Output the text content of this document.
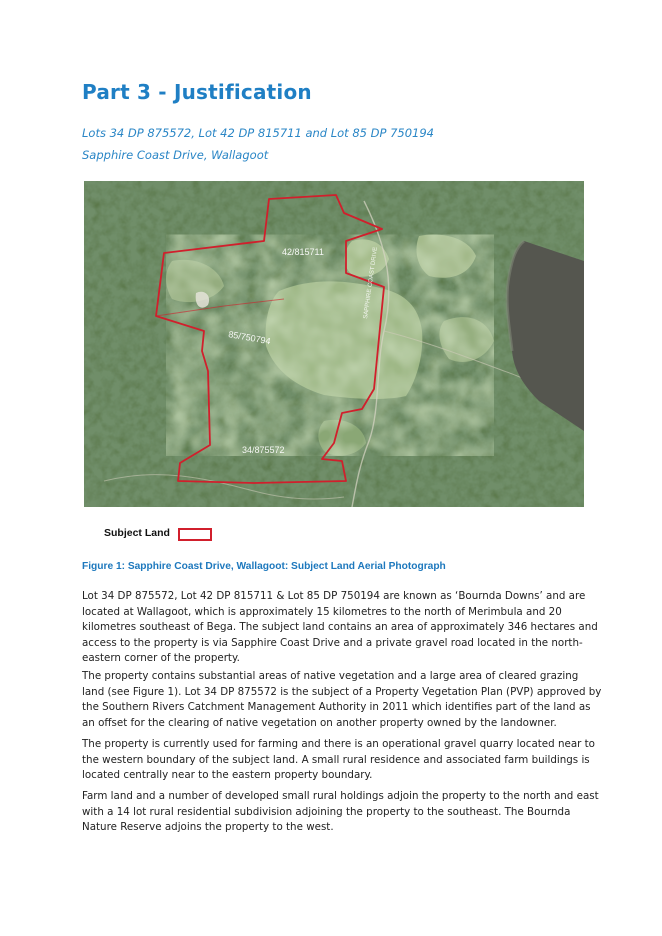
Part 3 - Justification
Lots 34 DP 875572, Lot 42 DP 815711 and Lot 85 DP 750194
Sapphire Coast Drive, Wallagoot
42/815711
85/750794
34/875572
SAPPHIRE COAST DRIVE
Subject Land
Figure 1: Sapphire Coast Drive, Wallagoot: Subject Land Aerial Photograph

Lot 34 DP 875572, Lot 42 DP 815711 & Lot 85 DP 750194 are known as ‘Bournda Downs’ and are located at Wallagoot, which is approximately 15 kilometres to the north of Merimbula and 20 kilometres southeast of Bega. The subject land contains an area of approximately 346 hectares and access to the property is via Sapphire Coast Drive and a private gravel road located in the north-eastern corner of the property.

The property contains substantial areas of native vegetation and a large area of cleared grazing land (see Figure 1). Lot 34 DP 875572 is the subject of a Property Vegetation Plan (PVP) approved by the Southern Rivers Catchment Management Authority in 2011 which identifies part of the land as an offset for the clearing of native vegetation on another property owned by the landowner.

The property is currently used for farming and there is an operational gravel quarry located near to the western boundary of the subject land. A small rural residence and associated farm buildings is located centrally near to the eastern property boundary.

Farm land and a number of developed small rural holdings adjoin the property to the north and east with a 14 lot rural residential subdivision adjoining the property to the southeast. The Bournda Nature Reserve adjoins the property to the west.
